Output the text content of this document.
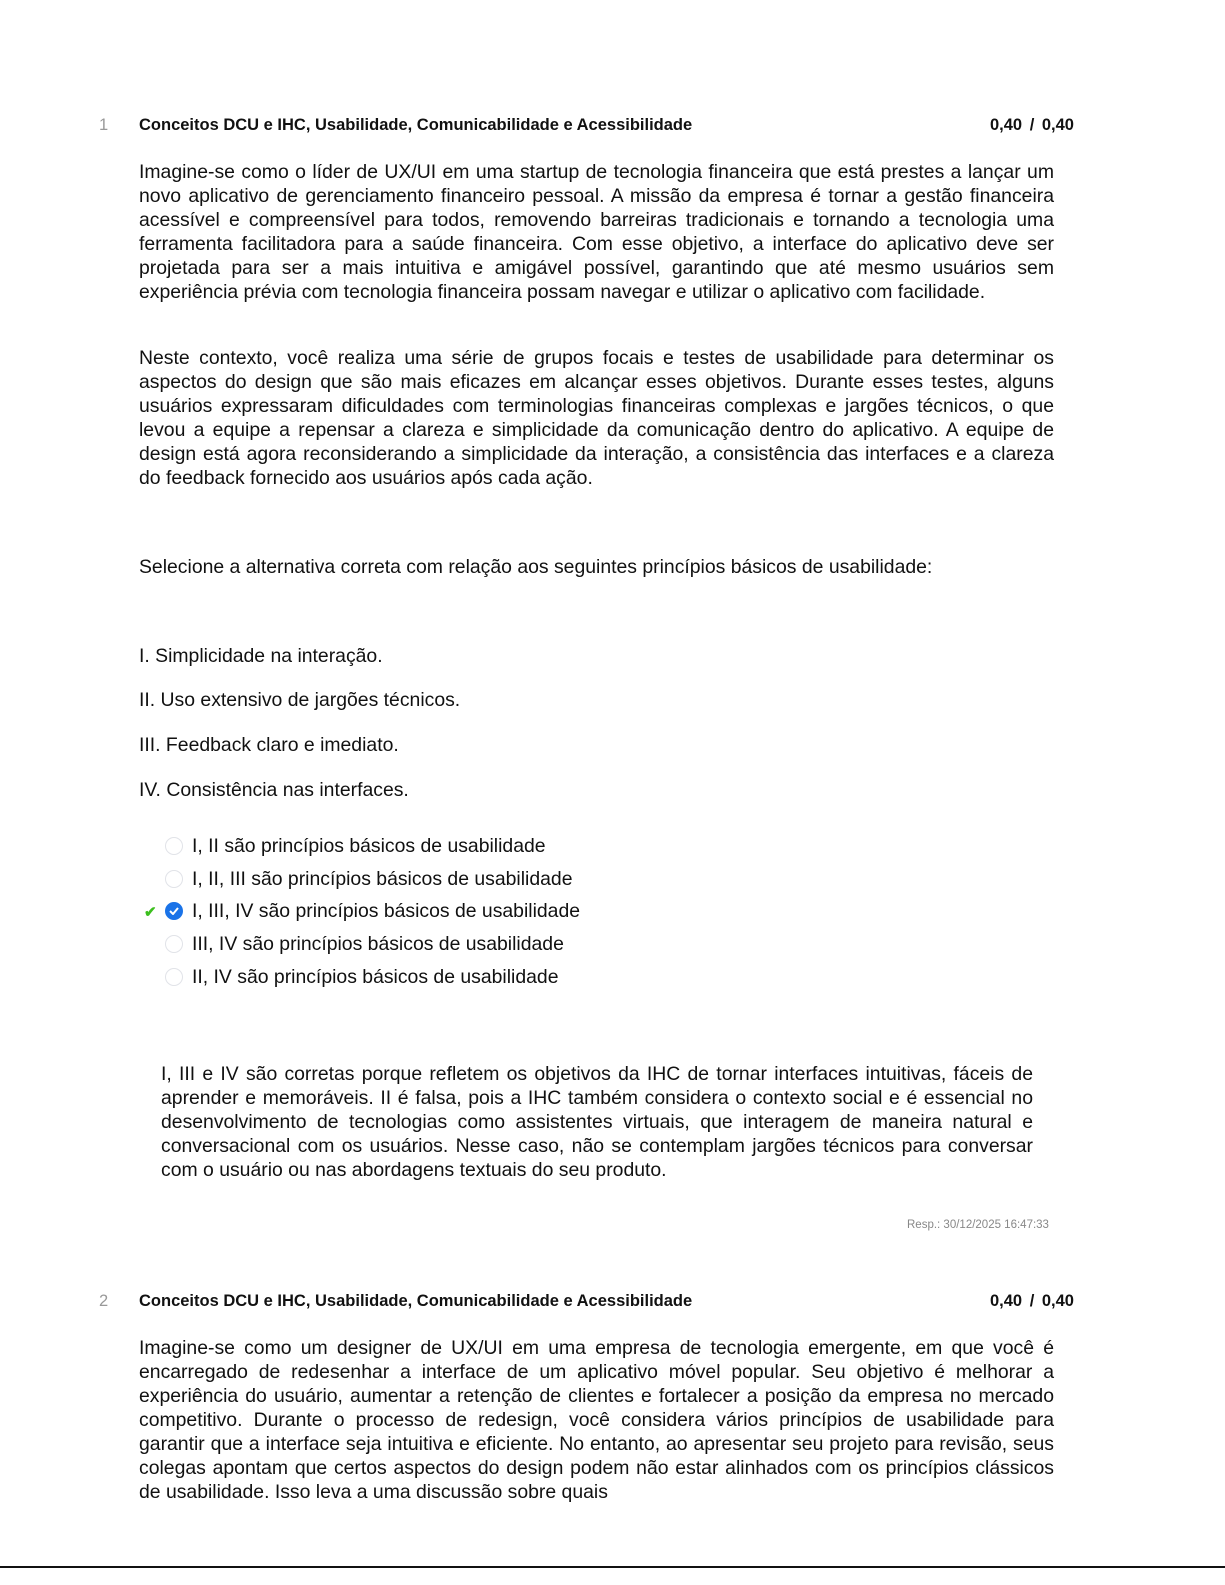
1 Conceitos DCU e IHC, Usabilidade, Comunicabilidade e Acessibilidade	0,40 / 0,40

Imagine-se como o líder de UX/UI em uma startup de tecnologia financeira que está prestes a lançar um novo aplicativo de gerenciamento financeiro pessoal. A missão da empresa é tornar a gestão financeira acessível e compreensível para todos, removendo barreiras tradicionais e tornando a tecnologia uma ferramenta facilitadora para a saúde financeira. Com esse objetivo, a interface do aplicativo deve ser projetada para ser a mais intuitiva e amigável possível, garantindo que até mesmo usuários sem experiência prévia com tecnologia financeira possam navegar e utilizar o aplicativo com facilidade.

Neste contexto, você realiza uma série de grupos focais e testes de usabilidade para determinar os aspectos do design que são mais eficazes em alcançar esses objetivos. Durante esses testes, alguns usuários expressaram dificuldades com terminologias financeiras complexas e jargões técnicos, o que levou a equipe a repensar a clareza e simplicidade da comunicação dentro do aplicativo. A equipe de design está agora reconsiderando a simplicidade da interação, a consistência das interfaces e a clareza do feedback fornecido aos usuários após cada ação.

Selecione a alternativa correta com relação aos seguintes princípios básicos de usabilidade:

I. Simplicidade na interação.
II. Uso extensivo de jargões técnicos.
III. Feedback claro e imediato.
IV. Consistência nas interfaces.
I, II são princípios básicos de usabilidade
I, II, III são princípios básicos de usabilidade
✔ I, III, IV são princípios básicos de usabilidade
III, IV são princípios básicos de usabilidade
II, IV são princípios básicos de usabilidade

I, III e IV são corretas porque refletem os objetivos da IHC de tornar interfaces intuitivas, fáceis de aprender e memoráveis. II é falsa, pois a IHC também considera o contexto social e é essencial no desenvolvimento de tecnologias como assistentes virtuais, que interagem de maneira natural e conversacional com os usuários. Nesse caso, não se contemplam jargões técnicos para conversar com o usuário ou nas abordagens textuais do seu produto.

Resp.: 30/12/2025 16:47:33
2 Conceitos DCU e IHC, Usabilidade, Comunicabilidade e Acessibilidade	0,40 / 0,40

Imagine-se como um designer de UX/UI em uma empresa de tecnologia emergente, em que você é encarregado de redesenhar a interface de um aplicativo móvel popular. Seu objetivo é melhorar a experiência do usuário, aumentar a retenção de clientes e fortalecer a posição da empresa no mercado competitivo. Durante o processo de redesign, você considera vários princípios de usabilidade para garantir que a interface seja intuitiva e eficiente. No entanto, ao apresentar seu projeto para revisão, seus colegas apontam que certos aspectos do design podem não estar alinhados com os princípios clássicos de usabilidade. Isso leva a uma discussão sobre quais
